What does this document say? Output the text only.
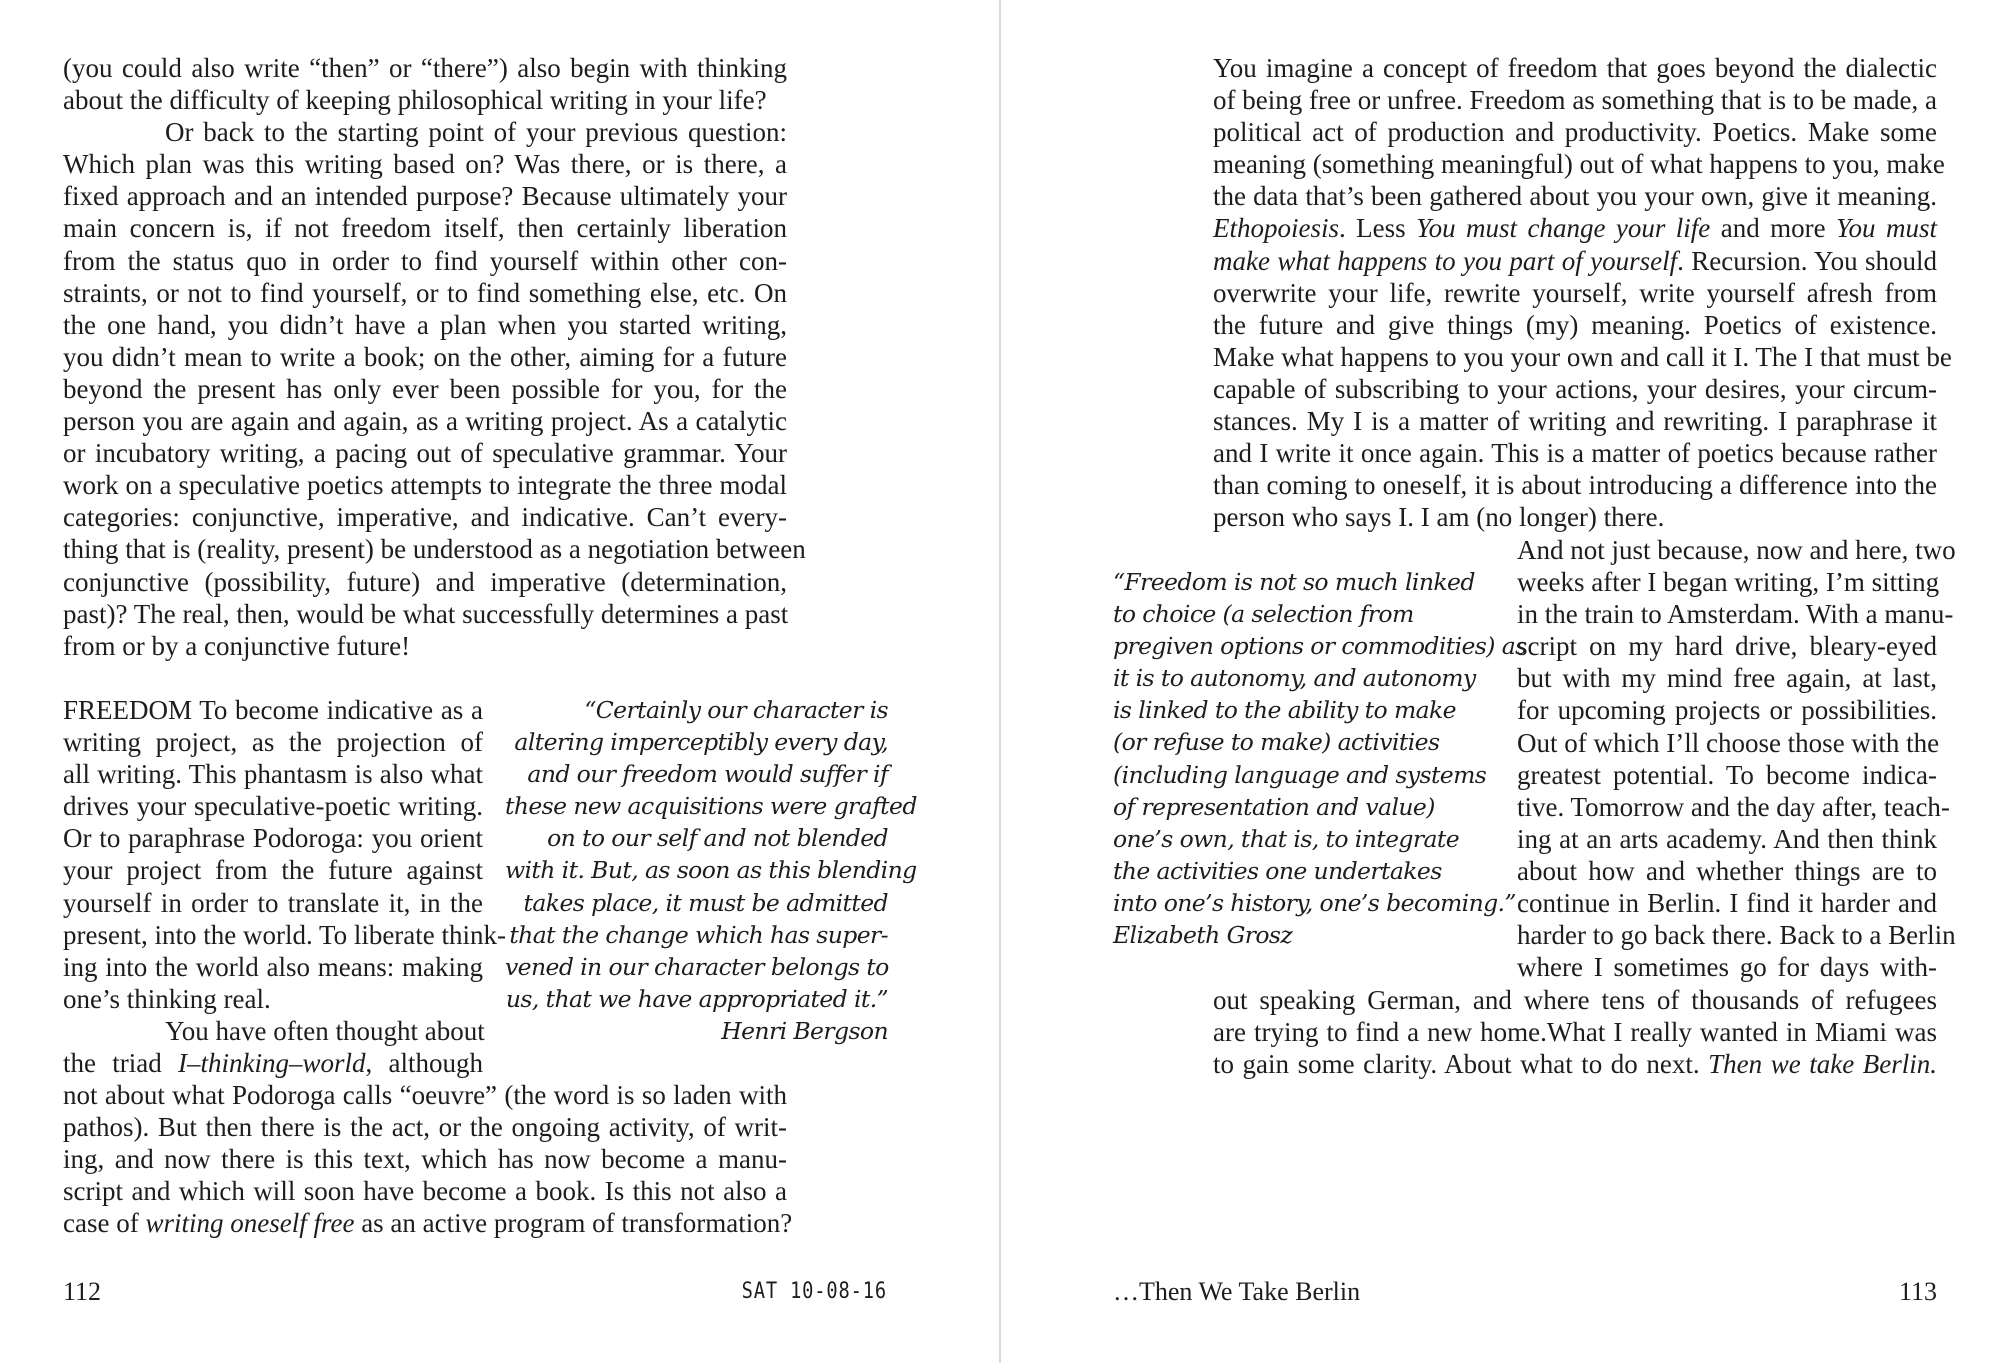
(you could also write “then” or “there”) also begin with thinking
about the difficulty of keeping philosophical writing in your life?
Or back to the starting point of your previous question:
Which plan was this writing based on? Was there, or is there, a
fixed approach and an intended purpose? Because ultimately your
main concern is, if not freedom itself, then certainly liberation
from the status quo in order to find yourself within other con-
straints, or not to find yourself, or to find something else, etc. On
the one hand, you didn’t have a plan when you started writing,
you didn’t mean to write a book; on the other, aiming for a future
beyond the present has only ever been possible for you, for the
person you are again and again, as a writing project. As a catalytic
or incubatory writing, a pacing out of speculative grammar. Your
work on a speculative poetics attempts to integrate the three modal
categories: conjunctive, imperative, and indicative. Can’t every-
thing that is (reality, present) be understood as a negotiation between
conjunctive (possibility, future) and imperative (determination,
past)? The real, then, would be what successfully determines a past
from or by a conjunctive future!
FREEDOM To become indicative as a
writing project, as the projection of
all writing. This phantasm is also what
drives your speculative-poetic writing.
Or to paraphrase Podoroga: you orient
your project from the future against
yourself in order to translate it, in the
present, into the world. To liberate think-
ing into the world also means: making
one’s thinking real.
You have often thought about
the triad I–thinking–world, although
“Certainly our character is
altering imperceptibly every day,
and our freedom would suffer if
these new acquisitions were grafted
on to our self and not blended
with it. But, as soon as this blending
takes place, it must be admitted
that the change which has super-
vened in our character belongs to
us, that we have appropriated it.”
Henri Bergson
not about what Podoroga calls “oeuvre” (the word is so laden with
pathos). But then there is the act, or the ongoing activity, of writ-
ing, and now there is this text, which has now become a manu-
script and which will soon have become a book. Is this not also a
case of writing oneself free as an active program of transformation?
112	SAT 10-08-16
You imagine a concept of freedom that goes beyond the dialectic
of being free or unfree. Freedom as something that is to be made, a
political act of production and productivity. Poetics. Make some
meaning (something meaningful) out of what happens to you, make
the data that’s been gathered about you your own, give it meaning.
Ethopoiesis. Less You must change your life and more You must
make what happens to you part of yourself. Recursion. You should
overwrite your life, rewrite yourself, write yourself afresh from
the future and give things (my) meaning. Poetics of existence.
Make what happens to you your own and call it I. The I that must be
capable of subscribing to your actions, your desires, your circum-
stances. My I is a matter of writing and rewriting. I paraphrase it
and I write it once again. This is a matter of poetics because rather
than coming to oneself, it is about introducing a difference into the
person who says I. I am (no longer) there.
“Freedom is not so much linked
to choice (a selection from
pregiven options or commodities) as
it is to autonomy, and autonomy
is linked to the ability to make
(or refuse to make) activities
(including language and systems
of representation and value)
one’s own, that is, to integrate
the activities one undertakes
into one’s history, one’s becoming.”
Elizabeth Grosz
And not just because, now and here, two
weeks after I began writing, I’m sitting
in the train to Amsterdam. With a manu-
script on my hard drive, bleary-eyed
but with my mind free again, at last,
for upcoming projects or possibilities.
Out of which I’ll choose those with the
greatest potential. To become indica-
tive. Tomorrow and the day after, teach-
ing at an arts academy. And then think
about how and whether things are to
continue in Berlin. I find it harder and
harder to go back there. Back to a Berlin
where I sometimes go for days with-
out speaking German, and where tens of thousands of refugees
are trying to find a new home.What I really wanted in Miami was
to gain some clarity. About what to do next. Then we take Berlin.
…Then We Take Berlin	113
